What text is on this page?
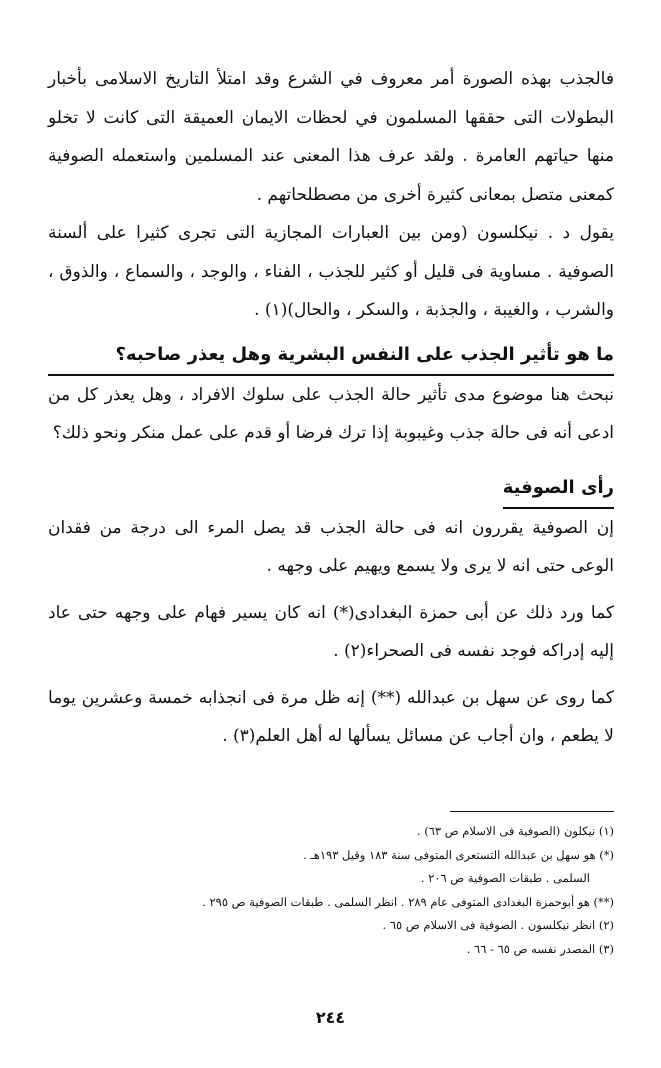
فالجذب بهذه الصورة أمر معروف في الشرع وقد امتلأ التاريخ الاسلامى بأخبار البطولات التى حققها المسلمون في لحظات الايمان العميقة التى كانت لا تخلو منها حياتهم العامرة . ولقد عرف هذا المعنى عند المسلمين واستعمله الصوفية كمعنى متصل بمعانى كثيرة أخرى من مصطلحاتهم .

يقول د . نيكلسون (ومن بين العبارات المجازية التى تجرى كثيرا على ألسنة الصوفية . مساوية فى قليل أو كثير للجذب ، الفناء ، والوجد ، والسماع ، والذوق ، والشرب ، والغيبة ، والجذبة ، والسكر ، والحال)(١) .

ما هو تأثير الجذب على النفس البشرية وهل يعذر صاحبه؟

نبحث هنا موضوع مدى تأثير حالة الجذب على سلوك الافراد ، وهل يعذر كل من ادعى أنه فى حالة جذب وغيبوبة إذا ترك فرضا أو قدم على عمل منكر ونحو ذلك؟

رأى الصوفية

إن الصوفية يقررون انه فى حالة الجذب قد يصل المرء الى درجة من فقدان الوعى حتى انه لا يرى ولا يسمع ويهيم على وجهه .

كما ورد ذلك عن أبى حمزة البغدادى(*) انه كان يسير فهام على وجهه حتى عاد إليه إدراكه فوجد نفسه فى الصحراء(٢) .

كما روى عن سهل بن عبدالله (**) إنه ظل مرة فى انجذابه خمسة وعشرين يوما لا يطعم ، وان أجاب عن مسائل يسألها له أهل العلم(٣) .

(١) نيكلون (الصوفية فى الاسلام ص ٦٣) .

(*) هو سهل بن عبدالله التستعرى المتوفى سنة ١٨٣ وقيل ١٩٣هـ .

السلمى . طبقات الصوفية ص ٢٠٦ .

(**) هو أبوحمزة البغدادى المتوفى عام ٢٨٩ . انظر السلمى . طبقات الصوفية ص ٢٩٥ .

(٢) انظر نيكلسون . الصوفية فى الاسلام ص ٦٥ .

(٣) المصدر نفسه ص ٦٥ - ٦٦ .

٢٤٤
